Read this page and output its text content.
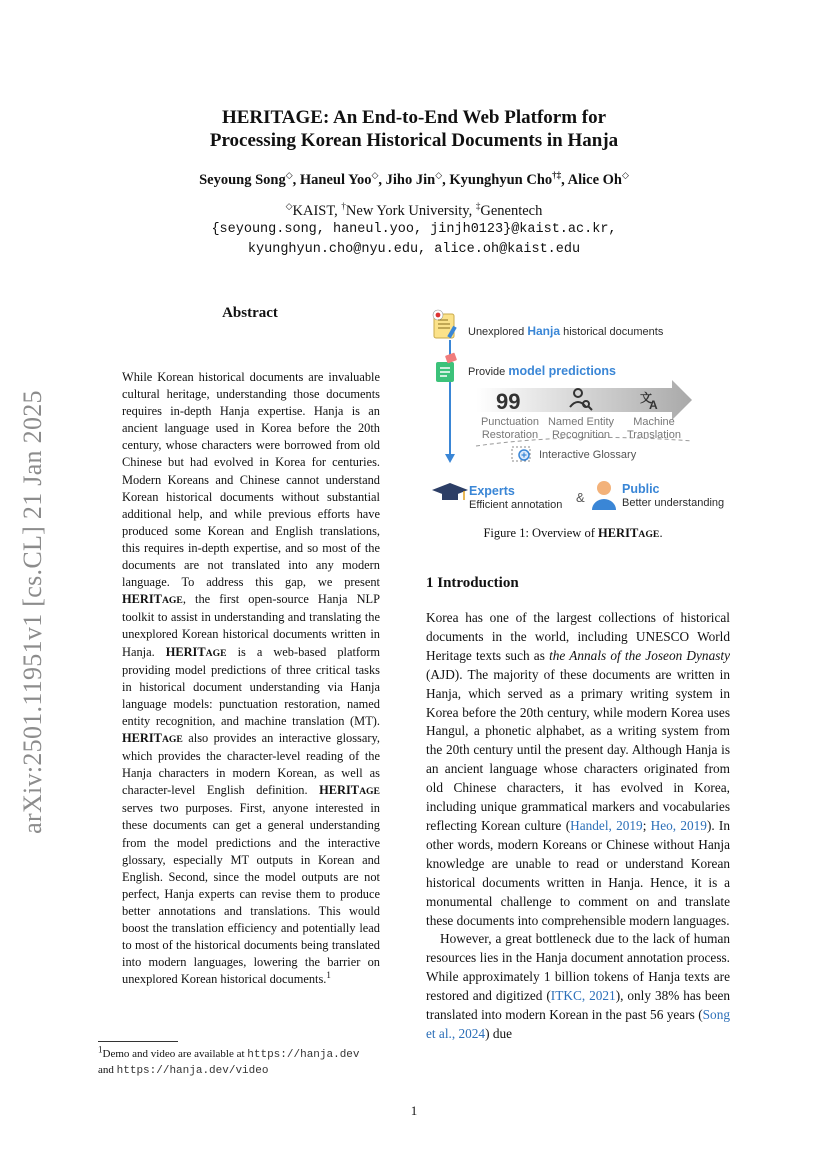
arXiv:2501.11951v1 [cs.CL] 21 Jan 2025
HERITAGE: An End-to-End Web Platform for
Processing Korean Historical Documents in Hanja
Seyoung Song◇, Haneul Yoo◇, Jiho Jin◇, Kyunghyun Cho†‡, Alice Oh◇
◇KAIST, †New York University, ‡Genentech
{seyoung.song, haneul.yoo, jinjh0123}@kaist.ac.kr,
kyunghyun.cho@nyu.edu, alice.oh@kaist.edu
Abstract
While Korean historical documents are invaluable cultural heritage, understanding those documents requires in-depth Hanja expertise. Hanja is an ancient language used in Korea before the 20th century, whose characters were borrowed from old Chinese but had evolved in Korea for centuries. Modern Koreans and Chinese cannot understand Korean historical documents without substantial additional help, and while previous efforts have produced some Korean and English translations, this requires in-depth expertise, and so most of the documents are not translated into any modern language. To address this gap, we present HERITAGE, the first open-source Hanja NLP toolkit to assist in understanding and translating the unexplored Korean historical documents written in Hanja. HERITAGE is a web-based platform providing model predictions of three critical tasks in historical document understanding via Hanja language models: punctuation restoration, named entity recognition, and machine translation (MT). HERITAGE also provides an interactive glossary, which provides the character-level reading of the Hanja characters in modern Korean, as well as character-level English definition. HERITAGE serves two purposes. First, anyone interested in these documents can get a general understanding from the model predictions and the interactive glossary, especially MT outputs in Korean and English. Second, since the model outputs are not perfect, Hanja experts can revise them to produce better annotations and translations. This would boost the translation efficiency and potentially lead to most of the historical documents being translated into modern languages, lowering the barrier on unexplored Korean historical documents.$^1$
$^1$Demo and video are available at https://hanja.dev
and https://hanja.dev/video
99	文
A
Unexplored Hanja historical documents
Provide model predictions
Punctuation
Restoration
Named Entity
Recognition
Machine
Translation
Interactive Glossary
Experts
Efficient annotation &
Public
Better understanding
Figure 1: Overview of HERITAGE.
1 Introduction

Korea has one of the largest collections of historical documents in the world, including UNESCO World Heritage texts such as the Annals of the Joseon Dynasty (AJD). The majority of these documents are written in Hanja, which served as a primary writing system in Korea before the 20th century, while modern Korea uses Hangul, a phonetic alphabet, as a writing system from the 20th century until the present day. Although Hanja is an ancient language whose characters originated from old Chinese characters, it has evolved in Korea, including unique grammatical markers and vocabularies reflecting Korean culture (Handel, 2019; Heo, 2019). In other words, modern Koreans or Chinese without Hanja knowledge are unable to read or understand Korean historical documents written in Hanja. Hence, it is a monumental challenge to comment on and translate these documents into comprehensible modern languages.

However, a great bottleneck due to the lack of human resources lies in the Hanja document annotation process. While approximately 1 billion tokens of Hanja texts are restored and digitized (ITKC, 2021), only 38% has been translated into modern Korean in the past 56 years (Song et al., 2024) due

1
